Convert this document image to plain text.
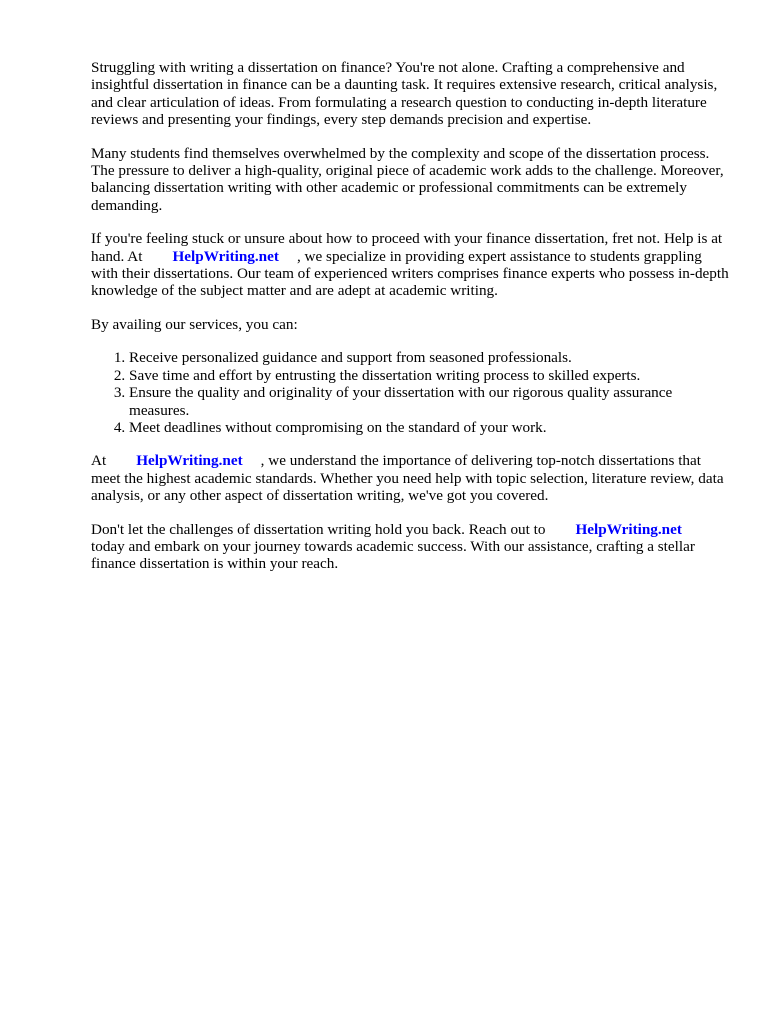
Struggling with writing a dissertation on finance? You're not alone. Crafting a comprehensive and insightful dissertation in finance can be a daunting task. It requires extensive research, critical analysis, and clear articulation of ideas. From formulating a research question to conducting in-depth literature reviews and presenting your findings, every step demands precision and expertise.

Many students find themselves overwhelmed by the complexity and scope of the dissertation process. The pressure to deliver a high-quality, original piece of academic work adds to the challenge. Moreover, balancing dissertation writing with other academic or professional commitments can be extremely demanding.

If you're feeling stuck or unsure about how to proceed with your finance dissertation, fret not. Help is at hand. At HelpWriting.net , we specialize in providing expert assistance to students grappling with their dissertations. Our team of experienced writers comprises finance experts who possess in-depth knowledge of the subject matter and are adept at academic writing.

By availing our services, you can:

1. Receive personalized guidance and support from seasoned professionals.
2. Save time and effort by entrusting the dissertation writing process to skilled experts.
3. Ensure the quality and originality of your dissertation with our rigorous quality assurance measures.
4. Meet deadlines without compromising on the standard of your work.

At HelpWriting.net , we understand the importance of delivering top-notch dissertations that meet the highest academic standards. Whether you need help with topic selection, literature review, data analysis, or any other aspect of dissertation writing, we've got you covered.

Don't let the challenges of dissertation writing hold you back. Reach out to HelpWriting.nettoday and embark on your journey towards academic success. With our assistance, crafting a stellar finance dissertation is within your reach.
